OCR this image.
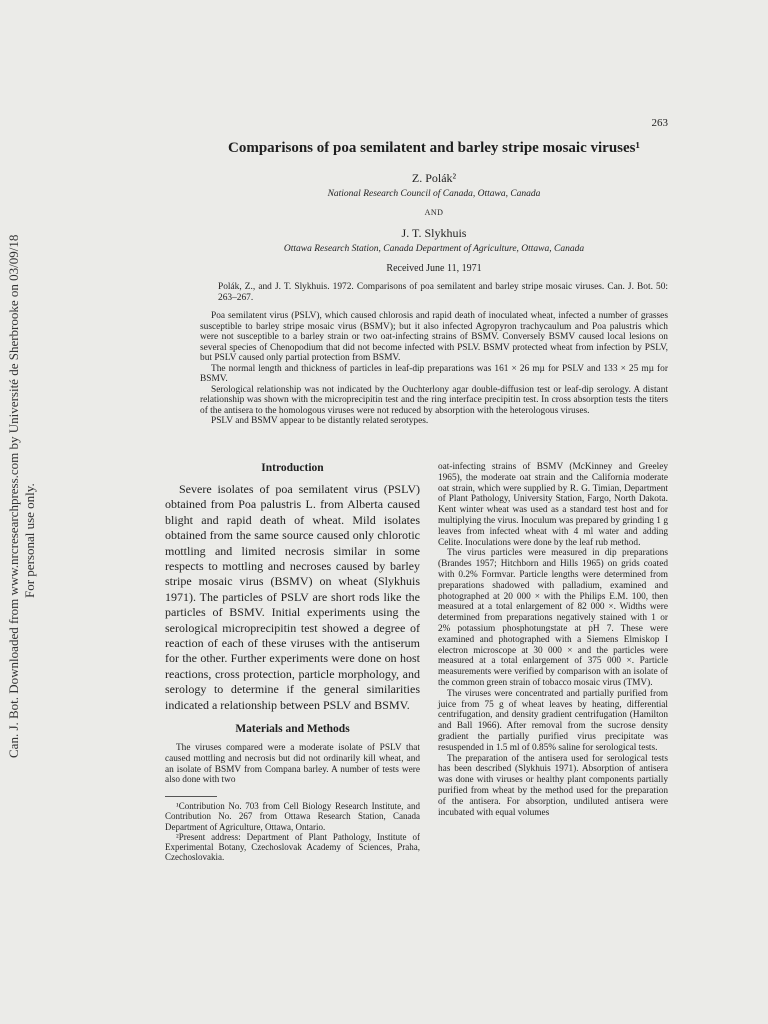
Can. J. Bot. Downloaded from www.nrcresearchpress.com by Université de Sherbrooke on 03/09/18 For personal use only.
263
Comparisons of poa semilatent and barley stripe mosaic viruses¹
Z. Polák²
National Research Council of Canada, Ottawa, Canada
AND
J. T. Slykhuis
Ottawa Research Station, Canada Department of Agriculture, Ottawa, Canada
Received June 11, 1971

Polák, Z., and J. T. Slykhuis. 1972. Comparisons of poa semilatent and barley stripe mosaic viruses. Can. J. Bot. 50: 263–267.

Poa semilatent virus (PSLV), which caused chlorosis and rapid death of inoculated wheat, infected a number of grasses susceptible to barley stripe mosaic virus (BSMV); but it also infected Agropyron trachycaulum and Poa palustris which were not susceptible to a barley strain or two oat-infecting strains of BSMV. Conversely BSMV caused local lesions on several species of Chenopodium that did not become infected with PSLV. BSMV protected wheat from infection by PSLV, but PSLV caused only partial protection from BSMV.

The normal length and thickness of particles in leaf-dip preparations was 161 × 26 mµ for PSLV and 133 × 25 mµ for BSMV.

Serological relationship was not indicated by the Ouchterlony agar double-diffusion test or leaf-dip serology. A distant relationship was shown with the microprecipitin test and the ring interface precipitin test. In cross absorption tests the titers of the antisera to the homologous viruses were not reduced by absorption with the heterologous viruses.

PSLV and BSMV appear to be distantly related serotypes.

Introduction

Severe isolates of poa semilatent virus (PSLV) obtained from Poa palustris L. from Alberta caused blight and rapid death of wheat. Mild isolates obtained from the same source caused only chlorotic mottling and limited necrosis similar in some respects to mottling and necroses caused by barley stripe mosaic virus (BSMV) on wheat (Slykhuis 1971). The particles of PSLV are short rods like the particles of BSMV. Initial experiments using the serological microprecipitin test showed a degree of reaction of each of these viruses with the antiserum for the other. Further experiments were done on host reactions, cross protection, particle morphology, and serology to determine if the general similarities indicated a relationship between PSLV and BSMV.

Materials and Methods

The viruses compared were a moderate isolate of PSLV that caused mottling and necrosis but did not ordinarily kill wheat, and an isolate of BSMV from Compana barley. A number of tests were also done with two

¹Contribution No. 703 from Cell Biology Research Institute, and Contribution No. 267 from Ottawa Research Station, Canada Department of Agriculture, Ottawa, Ontario.

²Present address: Department of Plant Pathology, Institute of Experimental Botany, Czechoslovak Academy of Sciences, Praha, Czechoslovakia.

oat-infecting strains of BSMV (McKinney and Greeley 1965), the moderate oat strain and the California moderate oat strain, which were supplied by R. G. Timian, Department of Plant Pathology, University Station, Fargo, North Dakota. Kent winter wheat was used as a standard test host and for multiplying the virus. Inoculum was prepared by grinding 1 g leaves from infected wheat with 4 ml water and adding Celite. Inoculations were done by the leaf rub method.

The virus particles were measured in dip preparations (Brandes 1957; Hitchborn and Hills 1965) on grids coated with 0.2% Formvar. Particle lengths were determined from preparations shadowed with palladium, examined and photographed at 20 000 × with the Philips E.M. 100, then measured at a total enlargement of 82 000 ×. Widths were determined from preparations negatively stained with 1 or 2% potassium phosphotungstate at pH 7. These were examined and photographed with a Siemens Elmiskop I electron microscope at 30 000 × and the particles were measured at a total enlargement of 375 000 ×. Particle measurements were verified by comparison with an isolate of the common green strain of tobacco mosaic virus (TMV).

The viruses were concentrated and partially purified from juice from 75 g of wheat leaves by heating, differential centrifugation, and density gradient centrifugation (Hamilton and Ball 1966). After removal from the sucrose density gradient the partially purified virus precipitate was resuspended in 1.5 ml of 0.85% saline for serological tests.

The preparation of the antisera used for serological tests has been described (Slykhuis 1971). Absorption of antisera was done with viruses or healthy plant components partially purified from wheat by the method used for the preparation of the antisera. For absorption, undiluted antisera were incubated with equal volumes
